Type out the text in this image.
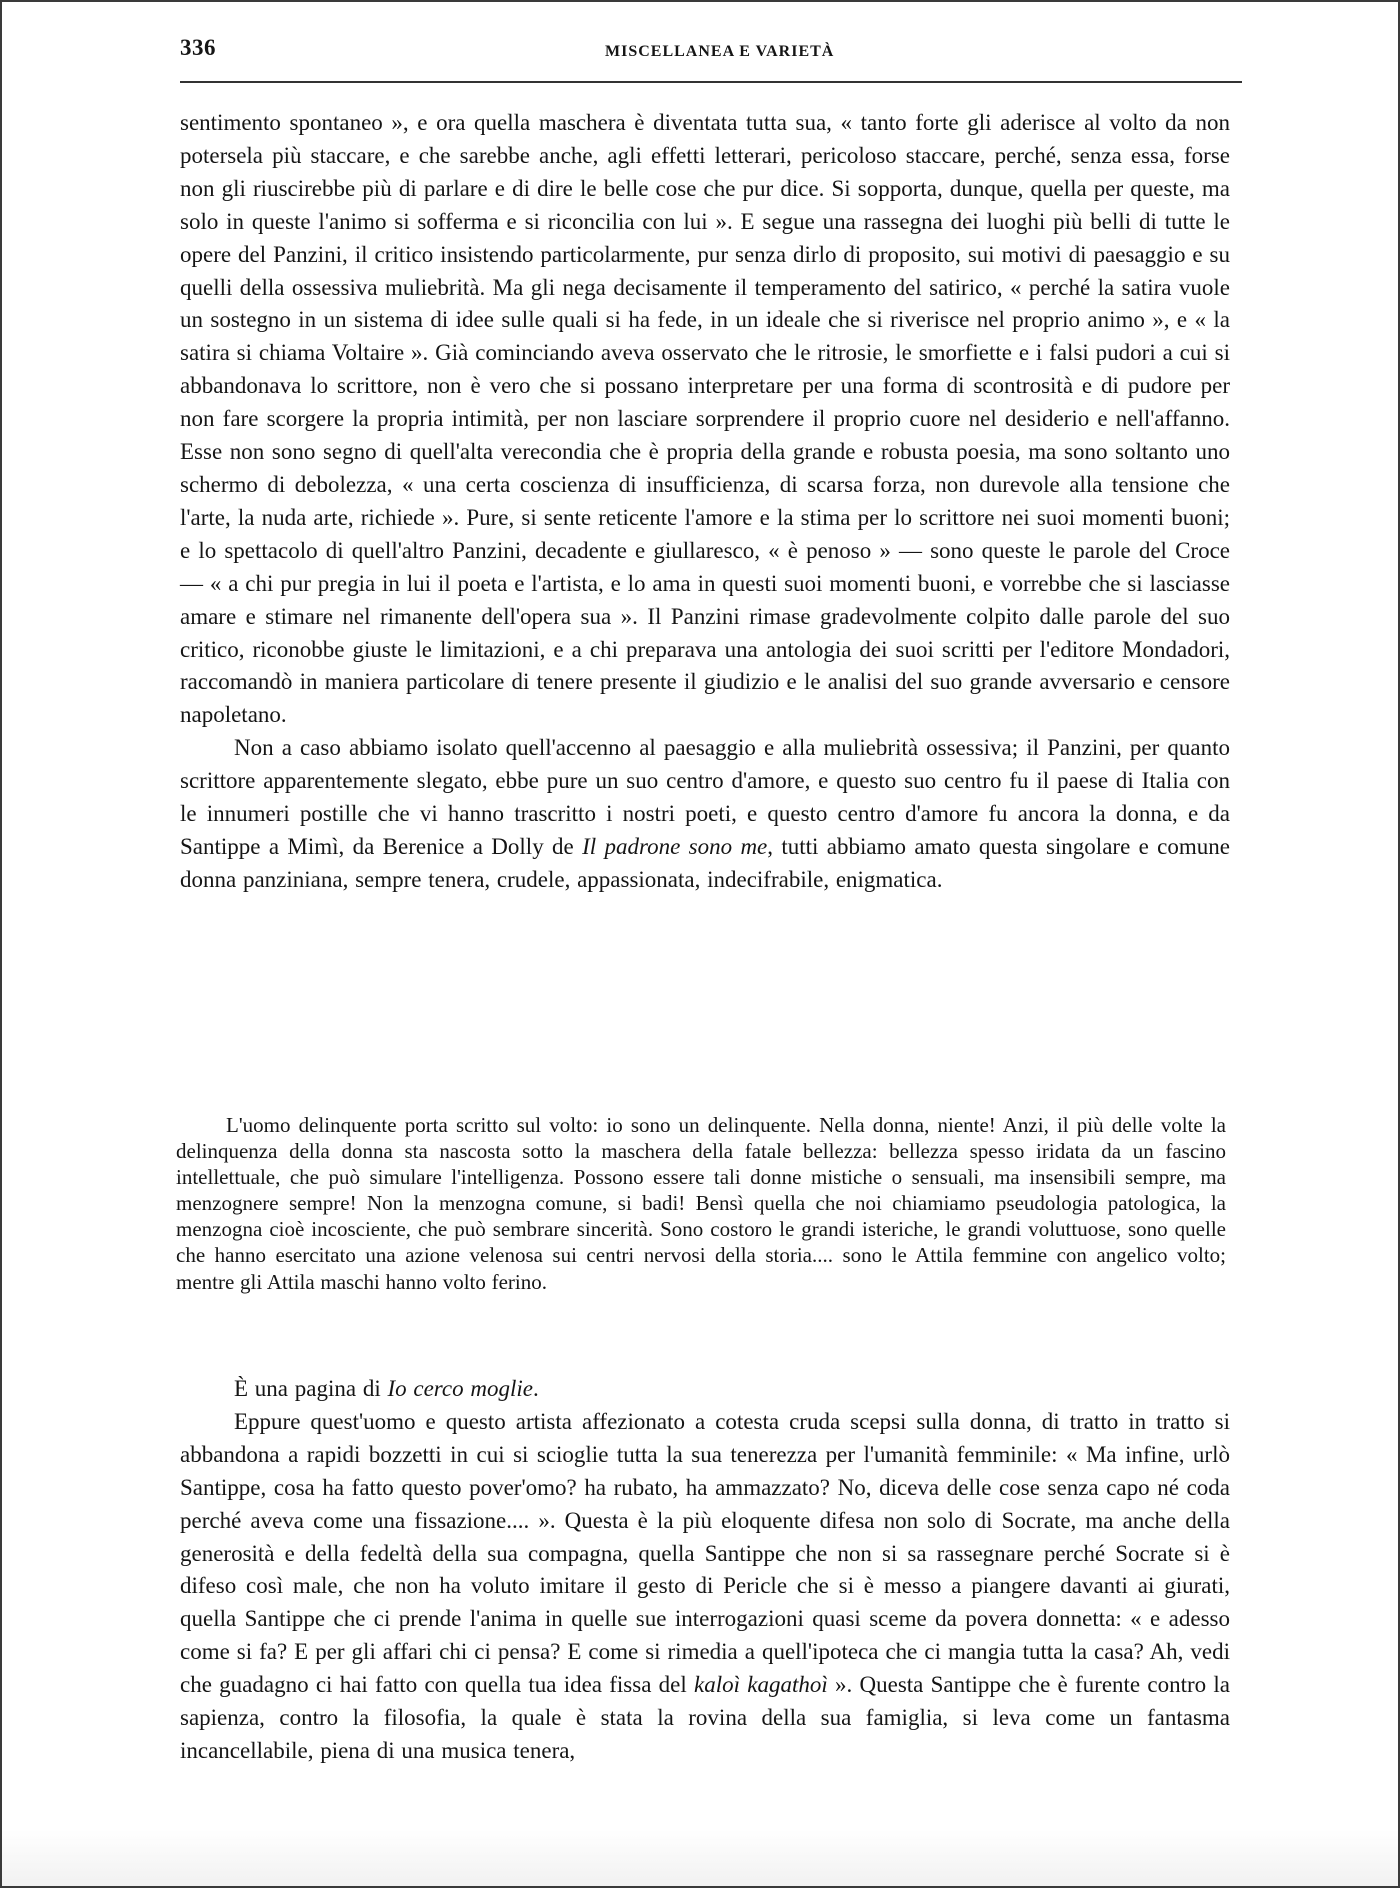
336	MISCELLANEA E VARIETÀ

sentimento spontaneo », e ora quella maschera è diventata tutta sua, « tanto forte gli aderisce al volto da non potersela più staccare, e che sarebbe anche, agli effetti letterari, pericoloso staccare, perché, senza essa, forse non gli riuscirebbe più di parlare e di dire le belle cose che pur dice. Si sopporta, dunque, quella per queste, ma solo in queste l'animo si sofferma e si riconcilia con lui ». E segue una rassegna dei luoghi più belli di tutte le opere del Panzini, il critico insistendo particolarmente, pur senza dirlo di proposito, sui motivi di paesaggio e su quelli della ossessiva muliebrità. Ma gli nega decisamente il temperamento del satirico, « perché la satira vuole un sostegno in un sistema di idee sulle quali si ha fede, in un ideale che si riverisce nel proprio animo », e « la satira si chiama Voltaire ». Già cominciando aveva osservato che le ritrosie, le smorfiette e i falsi pudori a cui si abbandonava lo scrittore, non è vero che si possano interpretare per una forma di scontrosità e di pudore per non fare scorgere la propria intimità, per non lasciare sorprendere il proprio cuore nel desiderio e nell'affanno. Esse non sono segno di quell'alta verecondia che è propria della grande e robusta poesia, ma sono soltanto uno schermo di debolezza, « una certa coscienza di insufficienza, di scarsa forza, non durevole alla tensione che l'arte, la nuda arte, richiede ». Pure, si sente reticente l'amore e la stima per lo scrittore nei suoi momenti buoni; e lo spettacolo di quell'altro Panzini, decadente e giullaresco, « è penoso » — sono queste le parole del Croce — « a chi pur pregia in lui il poeta e l'artista, e lo ama in questi suoi momenti buoni, e vorrebbe che si lasciasse amare e stimare nel rimanente dell'opera sua ». Il Panzini rimase gradevolmente colpito dalle parole del suo critico, riconobbe giuste le limitazioni, e a chi preparava una antologia dei suoi scritti per l'editore Mondadori, raccomandò in maniera particolare di tenere presente il giudizio e le analisi del suo grande avversario e censore napoletano.

Non a caso abbiamo isolato quell'accenno al paesaggio e alla muliebrità ossessiva; il Panzini, per quanto scrittore apparentemente slegato, ebbe pure un suo centro d'amore, e questo suo centro fu il paese di Italia con le innumeri postille che vi hanno trascritto i nostri poeti, e questo centro d'amore fu ancora la donna, e da Santippe a Mimì, da Berenice a Dolly de Il padrone sono me, tutti abbiamo amato questa singolare e comune donna panziniana, sempre tenera, crudele, appassionata, indecifrabile, enigmatica.

L'uomo delinquente porta scritto sul volto: io sono un delinquente. Nella donna, niente! Anzi, il più delle volte la delinquenza della donna sta nascosta sotto la maschera della fatale bellezza: bellezza spesso iridata da un fascino intellettuale, che può simulare l'intelligenza. Possono essere tali donne mistiche o sensuali, ma insensibili sempre, ma menzognere sempre! Non la menzogna comune, si badi! Bensì quella che noi chiamiamo pseudologia patologica, la menzogna cioè incosciente, che può sembrare sincerità. Sono costoro le grandi isteriche, le grandi voluttuose, sono quelle che hanno esercitato una azione velenosa sui centri nervosi della storia.... sono le Attila femmine con angelico volto; mentre gli Attila maschi hanno volto ferino.

È una pagina di Io cerco moglie.

Eppure quest'uomo e questo artista affezionato a cotesta cruda scepsi sulla donna, di tratto in tratto si abbandona a rapidi bozzetti in cui si scioglie tutta la sua tenerezza per l'umanità femminile: « Ma infine, urlò Santippe, cosa ha fatto questo pover'omo? ha rubato, ha ammazzato? No, diceva delle cose senza capo né coda perché aveva come una fissazione.... ». Questa è la più eloquente difesa non solo di Socrate, ma anche della generosità e della fedeltà della sua compagna, quella Santippe che non si sa rassegnare perché Socrate si è difeso così male, che non ha voluto imitare il gesto di Pericle che si è messo a piangere davanti ai giurati, quella Santippe che ci prende l'anima in quelle sue interrogazioni quasi sceme da povera donnetta: « e adesso come si fa? E per gli affari chi ci pensa? E come si rimedia a quell'ipoteca che ci mangia tutta la casa? Ah, vedi che guadagno ci hai fatto con quella tua idea fissa del kaloì kagathoì ». Questa Santippe che è furente contro la sapienza, contro la filosofia, la quale è stata la rovina della sua famiglia, si leva come un fantasma incancellabile, piena di una musica tenera,
